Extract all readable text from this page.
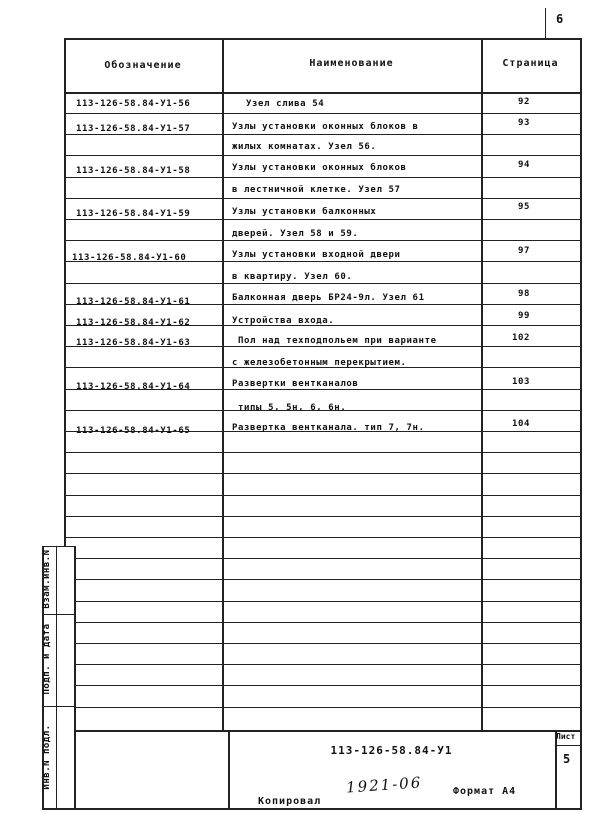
6
Обозначение	Наименование	Страница
113-126-58.84-У1-56	Узел слива 54	92
113-126-58.84-У1-57	Узлы установки оконных блоков в	93
жилых комнатах. Узел 56.
113-126-58.84-У1-58	Узлы установки оконных блоков	94
в лестничной клетке. Узел 57
113-126-58.84-У1-59	Узлы установки балконных	95
дверей. Узел 58 и 59.
113-126-58.84-У1-60	Узлы установки входной двери	97
в квартиру. Узел 60.
113-126-58.84-У1-61	Балконная дверь БР24-9л. Узел 61	98
113-126-58.84-У1-62	Устройства входа.	99
113-126-58.84-У1-63	Пол над техподпольем при варианте	102
с железобетонным перекрытием.
113-126-58.84-У1-64	Развертки вентканалов	103
типы 5, 5н, 6, 6н.
113-126-58.84-У1-65	Развертка вентканала. тип 7, 7н.	104
Взам.инв.N
Подп. и дата
Инв.N подл.	113-126-58.84-У1
Лист
5
Копировал
1921-06	Формат А4
